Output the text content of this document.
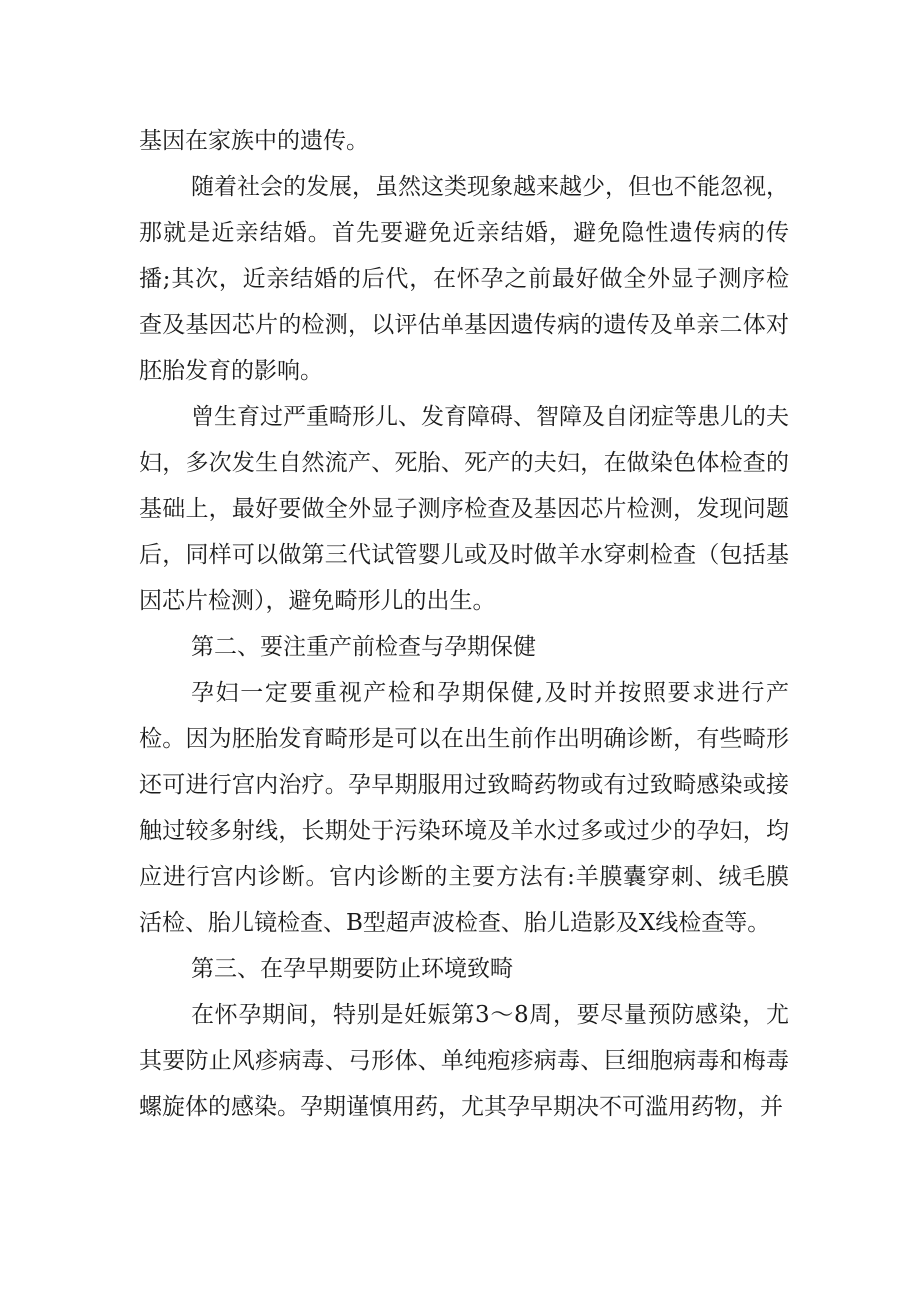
基因在家族中的遗传。

随着社会的发展，虽然这类现象越来越少，但也不能忽视，那就是近亲结婚。首先要避免近亲结婚，避免隐性遗传病的传播;其次，近亲结婚的后代，在怀孕之前最好做全外显子测序检查及基因芯片的检测，以评估单基因遗传病的遗传及单亲二体对胚胎发育的影响。

曾生育过严重畸形儿、发育障碍、智障及自闭症等患儿的夫妇，多次发生自然流产、死胎、死产的夫妇，在做染色体检查的基础上，最好要做全外显子测序检查及基因芯片检测，发现问题后，同样可以做第三代试管婴儿或及时做羊水穿刺检查（包括基因芯片检测），避免畸形儿的出生。

第二、要注重产前检查与孕期保健

孕妇一定要重视产检和孕期保健,及时并按照要求进行产检。因为胚胎发育畸形是可以在出生前作出明确诊断，有些畸形还可进行宫内治疗。孕早期服用过致畸药物或有过致畸感染或接触过较多射线，长期处于污染环境及羊水过多或过少的孕妇，均应进行宫内诊断。官内诊断的主要方法有:羊膜囊穿刺、绒毛膜活检、胎儿镜检查、B型超声波检查、胎儿造影及X线检查等。

第三、在孕早期要防止环境致畸

在怀孕期间，特别是妊娠第3～8周，要尽量预防感染，尤其要防止风疹病毒、弓形体、单纯疱疹病毒、巨细胞病毒和梅毒螺旋体的感染。孕期谨慎用药，尤其孕早期决不可滥用药物，并
